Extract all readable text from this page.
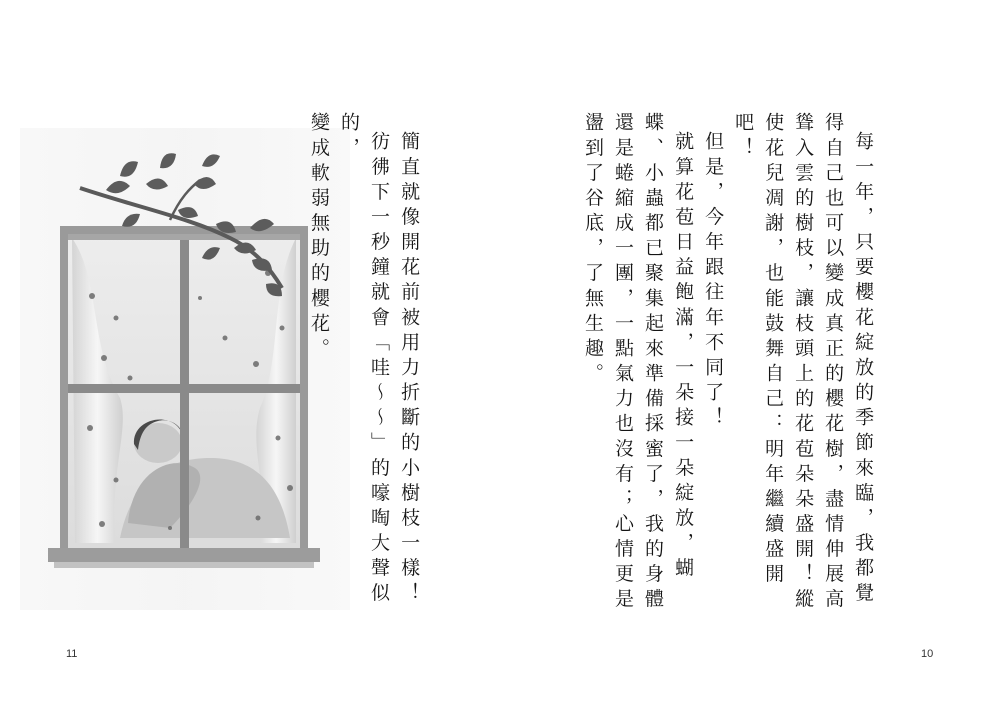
簡直就像開花前被用力折斷的小樹枝一樣！

彷彿下一秒鐘就會「哇～～」的嚎啕大聲似的，

變成軟弱無助的櫻花。

11

每一年，只要櫻花綻放的季節來臨，我都覺得自己也可以變成真正的櫻花樹，盡情伸展高聳入雲的樹枝，讓枝頭上的花苞朵朵盛開！縱使花兒凋謝，也能鼓舞自己：明年繼續盛開吧！

但是，今年跟往年不同了！

就算花苞日益飽滿，一朵接一朵綻放，蝴蝶、小蟲都已聚集起來準備採蜜了，我的身體還是蜷縮成一團，一點氣力也沒有；心情更是盪到了谷底，了無生趣。

10
